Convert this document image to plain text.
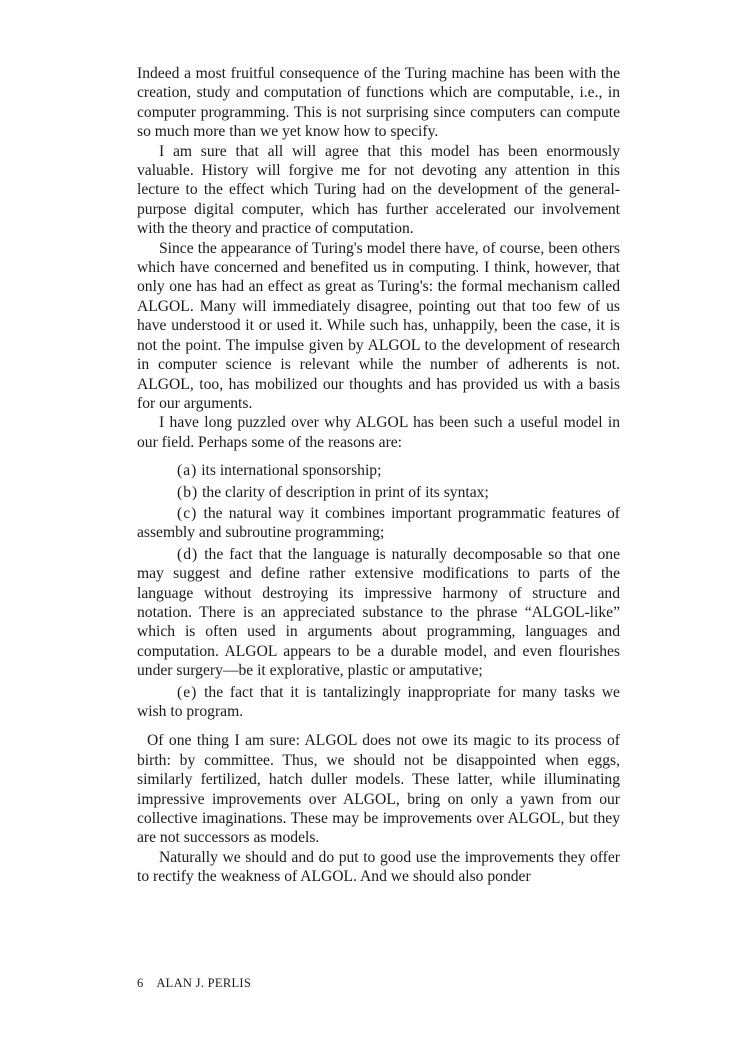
Indeed a most fruitful consequence of the Turing machine has been with the creation, study and computation of functions which are computable, i.e., in computer programming. This is not surprising since computers can compute so much more than we yet know how to specify.

I am sure that all will agree that this model has been enormously valuable. History will forgive me for not devoting any attention in this lecture to the effect which Turing had on the development of the general-purpose digital computer, which has further accelerated our involvement with the theory and practice of computation.

Since the appearance of Turing's model there have, of course, been others which have concerned and benefited us in computing. I think, however, that only one has had an effect as great as Turing's: the formal mechanism called ALGOL. Many will immediately disagree, pointing out that too few of us have understood it or used it. While such has, unhappily, been the case, it is not the point. The impulse given by ALGOL to the development of research in computer science is relevant while the number of adherents is not. ALGOL, too, has mobilized our thoughts and has provided us with a basis for our arguments.

I have long puzzled over why ALGOL has been such a useful model in our field. Perhaps some of the reasons are:

(a) its international sponsorship;

(b) the clarity of description in print of its syntax;

(c) the natural way it combines important programmatic features of assembly and subroutine programming;

(d) the fact that the language is naturally decomposable so that one may suggest and define rather extensive modifications to parts of the language without destroying its impressive harmony of structure and notation. There is an appreciated substance to the phrase “ALGOL-like” which is often used in arguments about programming, languages and computation. ALGOL appears to be a durable model, and even flourishes under surgery—be it explorative, plastic or amputative;

(e) the fact that it is tantalizingly inappropriate for many tasks we wish to program.

Of one thing I am sure: ALGOL does not owe its magic to its process of birth: by committee. Thus, we should not be disappointed when eggs, similarly fertilized, hatch duller models. These latter, while illuminating impressive improvements over ALGOL, bring on only a yawn from our collective imaginations. These may be improvements over ALGOL, but they are not successors as models.

Naturally we should and do put to good use the improvements they offer to rectify the weakness of ALGOL. And we should also ponder

6 ALAN J. PERLIS
